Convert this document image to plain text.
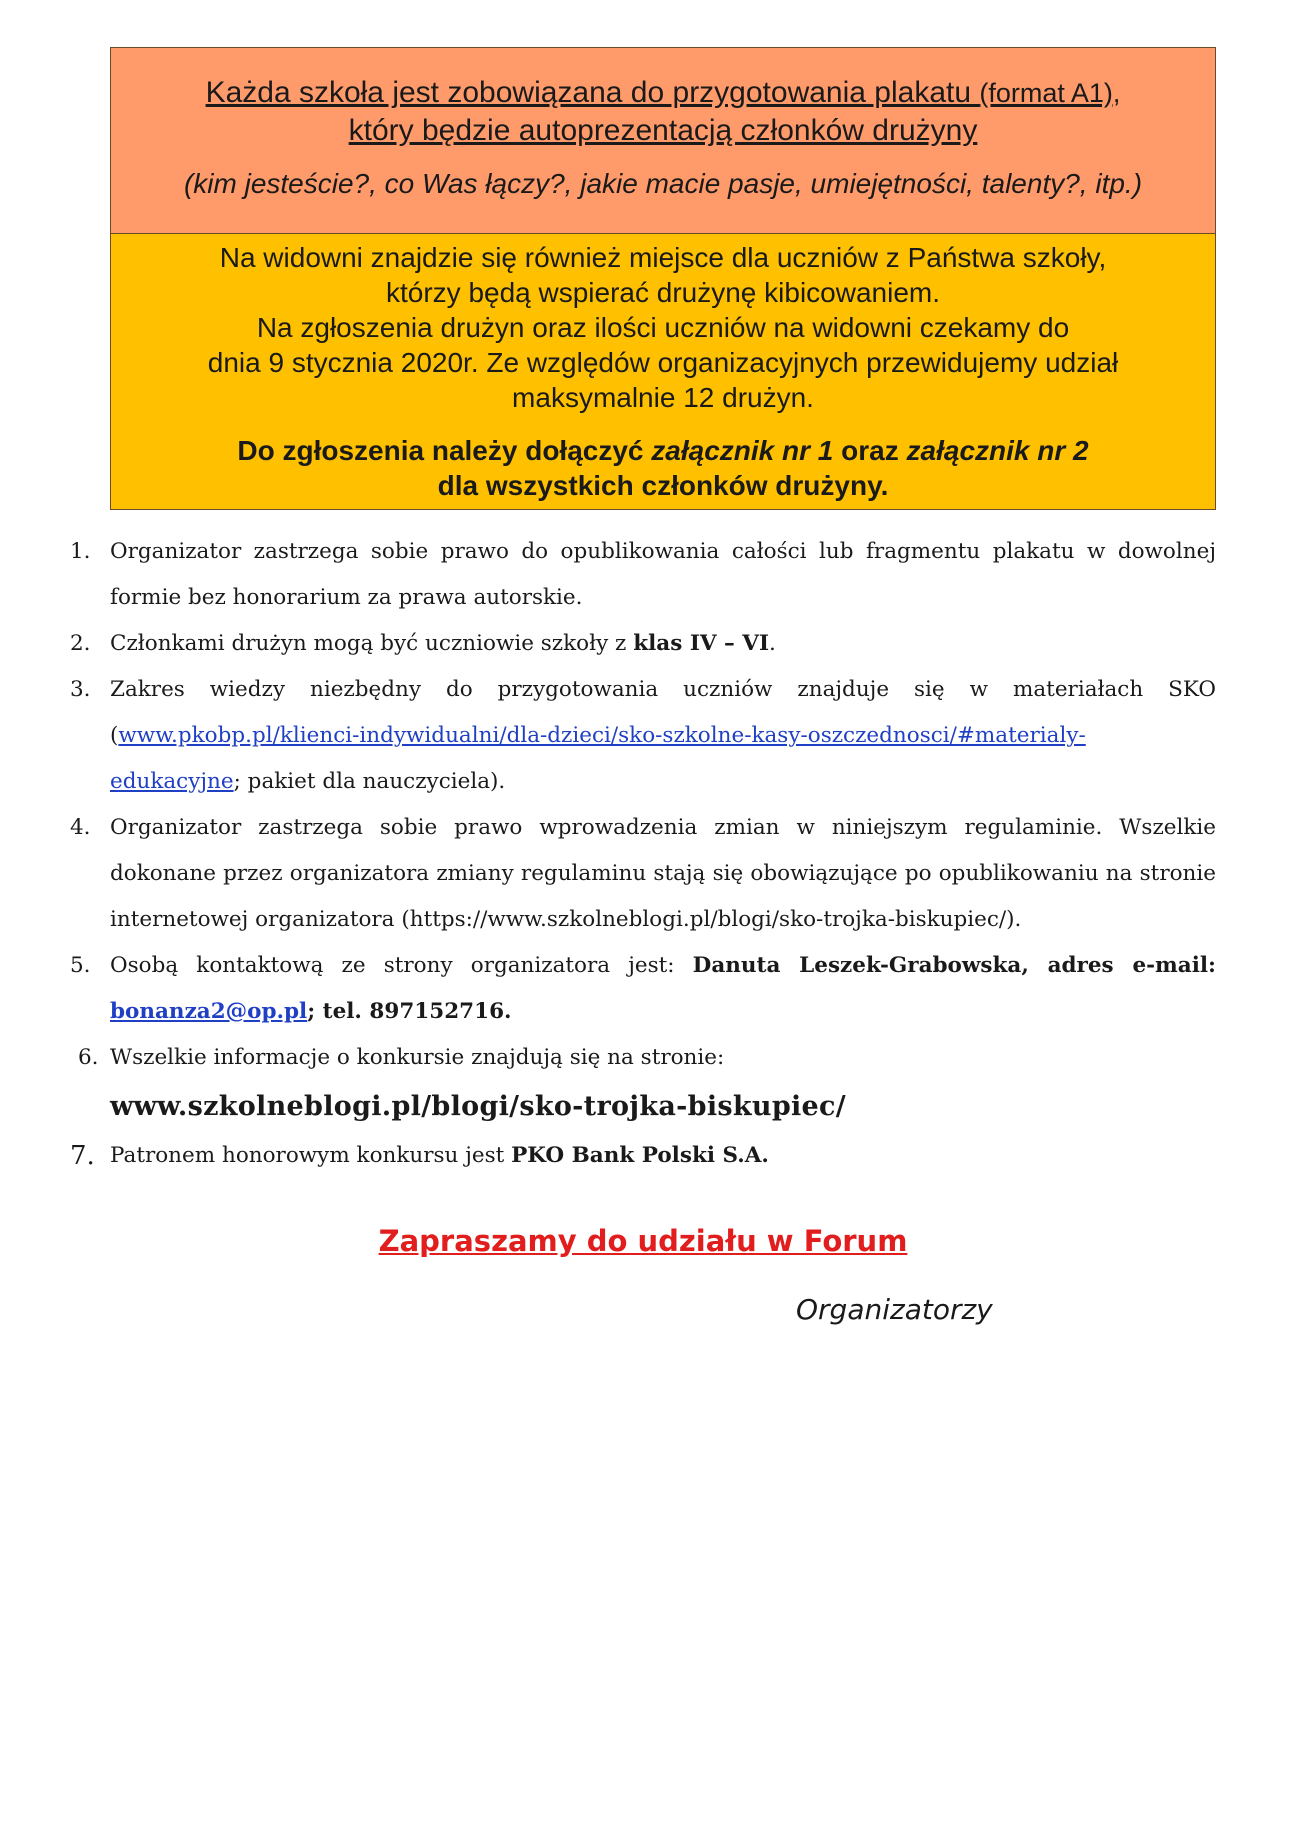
Każda szkoła jest zobowiązana do przygotowania plakatu (format A1),
który będzie autoprezentacją członków drużyny
(kim jesteście?, co Was łączy?, jakie macie pasje, umiejętności, talenty?, itp.)
Na widowni znajdzie się również miejsce dla uczniów z Państwa szkoły,
którzy będą wspierać drużynę kibicowaniem.
Na zgłoszenia drużyn oraz ilości uczniów na widowni czekamy do
dnia 9 stycznia 2020r. Ze względów organizacyjnych przewidujemy udział
maksymalnie 12 drużyn.
Do zgłoszenia należy dołączyć załącznik nr 1 oraz załącznik nr 2
dla wszystkich członków drużyny.
1. Organizator zastrzega sobie prawo do opublikowania całości lub fragmentu plakatu w dowolnej formie bez honorarium za prawa autorskie.
2. Członkami drużyn mogą być uczniowie szkoły z klas IV – VI.
3. Zakres wiedzy niezbędny do przygotowania uczniów znajduje się w materiałach SKO (www.pkobp.pl/klienci-indywidualni/dla-dzieci/sko-szkolne-kasy-oszczednosci/#materialy-edukacyjne; pakiet dla nauczyciela).
4. Organizator zastrzega sobie prawo wprowadzenia zmian w niniejszym regulaminie. Wszelkie dokonane przez organizatora zmiany regulaminu stają się obowiązujące po opublikowaniu na stronie internetowej organizatora (https://www.szkolneblogi.pl/blogi/sko-trojka-biskupiec/).
5. Osobą kontaktową ze strony organizatora jest: Danuta Leszek-Grabowska, adres e-mail: bonanza2@op.pl; tel. 897152716.
6. Wszelkie informacje o konkursie znajdują się na stronie:
www.szkolneblogi.pl/blogi/sko-trojka-biskupiec/
7. Patronem honorowym konkursu jest PKO Bank Polski S.A.
Zapraszamy do udziału w Forum
Organizatorzy
